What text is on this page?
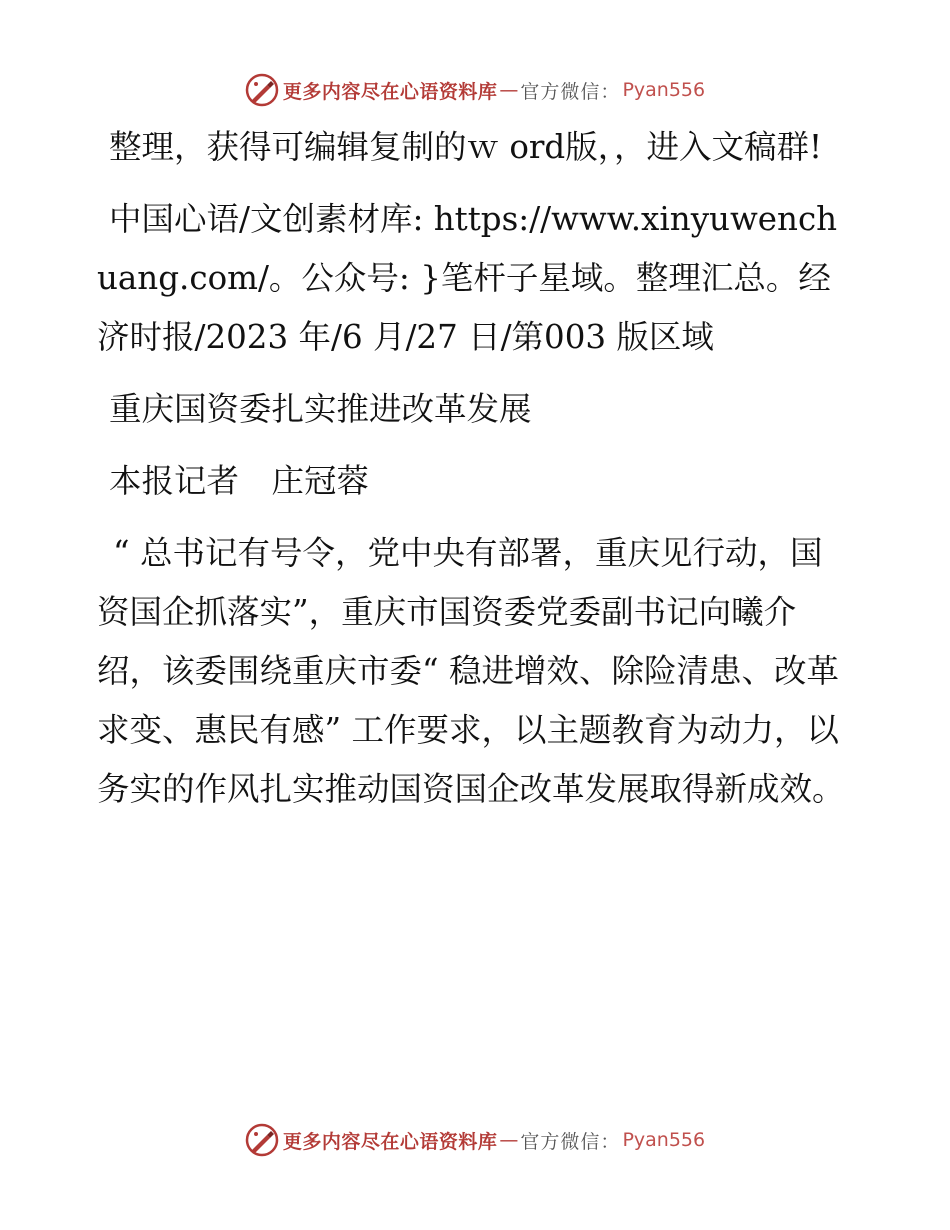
更多内容尽在心语资料库 — 官方微信： Pyan556

整理，获得可编辑复制的ｗ ord版，，进入文稿群!

中国心语/文创素材库: https://www.xinyuwenchuang.com/。公众号: }笔杆子星域。整理汇总。经济时报/2023 年/6 月/27 日/第003 版区域

重庆国资委扎实推进改革发展

本报记者　庄冠蓉

“ 总书记有号令，党中央有部署，重庆见行动，国资国企抓落实”，重庆市国资委党委副书记向曦介绍，该委围绕重庆市委“ 稳进增效、除险清患、改革求变、惠民有感” 工作要求，以主题教育为动力，以务实的作风扎实推动国资国企改革发展取得新成效。

更多内容尽在心语资料库 — 官方微信： Pyan556
